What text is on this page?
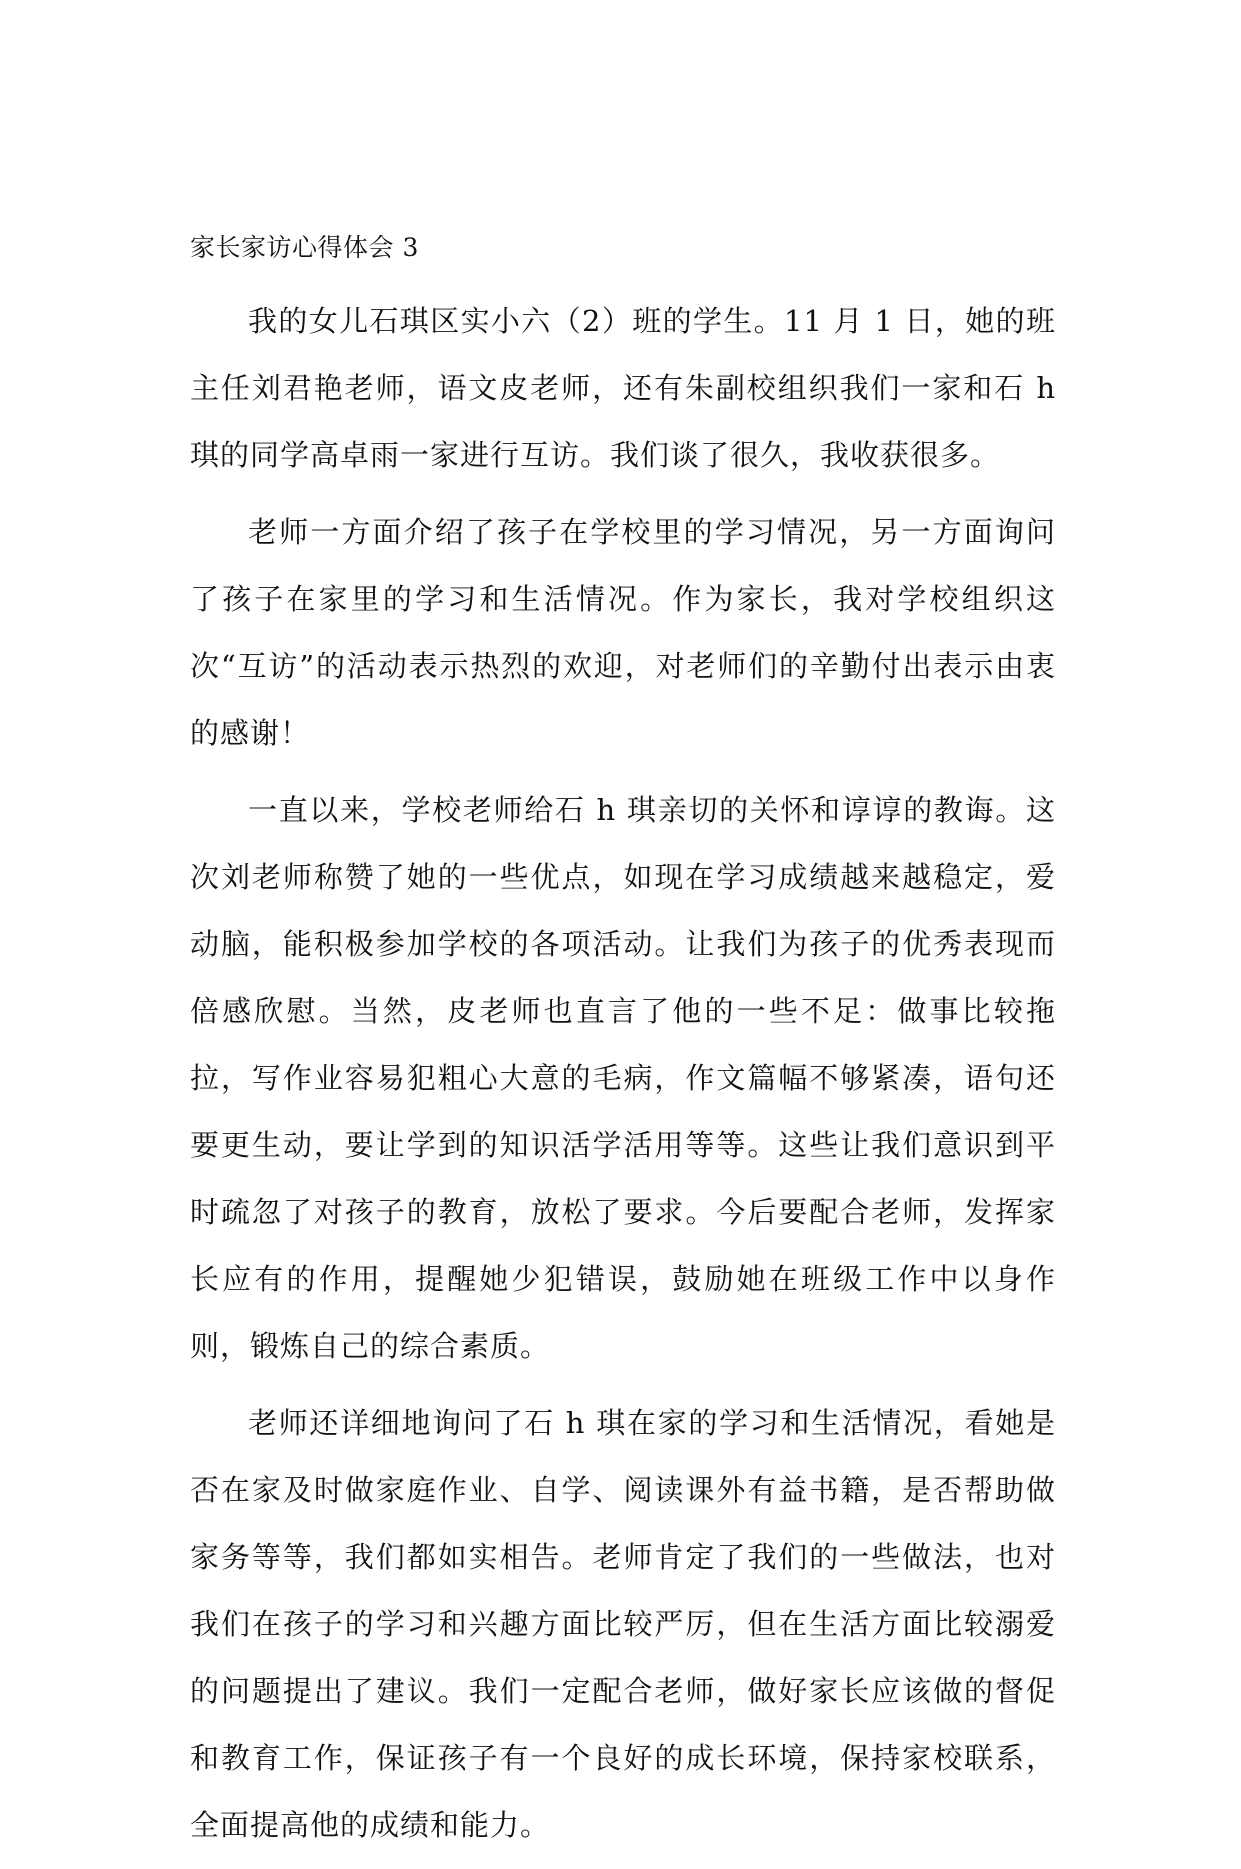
家长家访心得体会 3

我的女儿石琪区实小六（2）班的学生。11 月 1 日，她的班主任刘君艳老师，语文皮老师，还有朱副校组织我们一家和石 h 琪的同学高卓雨一家进行互访。我们谈了很久，我收获很多。

老师一方面介绍了孩子在学校里的学习情况，另一方面询问了孩子在家里的学习和生活情况。作为家长，我对学校组织这次“互访”的活动表示热烈的欢迎，对老师们的辛勤付出表示由衷的感谢！

一直以来，学校老师给石 h 琪亲切的关怀和谆谆的教诲。这次刘老师称赞了她的一些优点，如现在学习成绩越来越稳定，爱动脑，能积极参加学校的各项活动。让我们为孩子的优秀表现而倍感欣慰。当然，皮老师也直言了他的一些不足：做事比较拖拉，写作业容易犯粗心大意的毛病，作文篇幅不够紧凑，语句还要更生动，要让学到的知识活学活用等等。这些让我们意识到平时疏忽了对孩子的教育，放松了要求。今后要配合老师，发挥家长应有的作用，提醒她少犯错误，鼓励她在班级工作中以身作则，锻炼自己的综合素质。

老师还详细地询问了石 h 琪在家的学习和生活情况，看她是否在家及时做家庭作业、自学、阅读课外有益书籍，是否帮助做家务等等，我们都如实相告。老师肯定了我们的一些做法，也对我们在孩子的学习和兴趣方面比较严厉，但在生活方面比较溺爱的问题提出了建议。我们一定配合老师，做好家长应该做的督促和教育工作，保证孩子有一个良好的成长环境，保持家校联系，全面提高他的成绩和能力。
